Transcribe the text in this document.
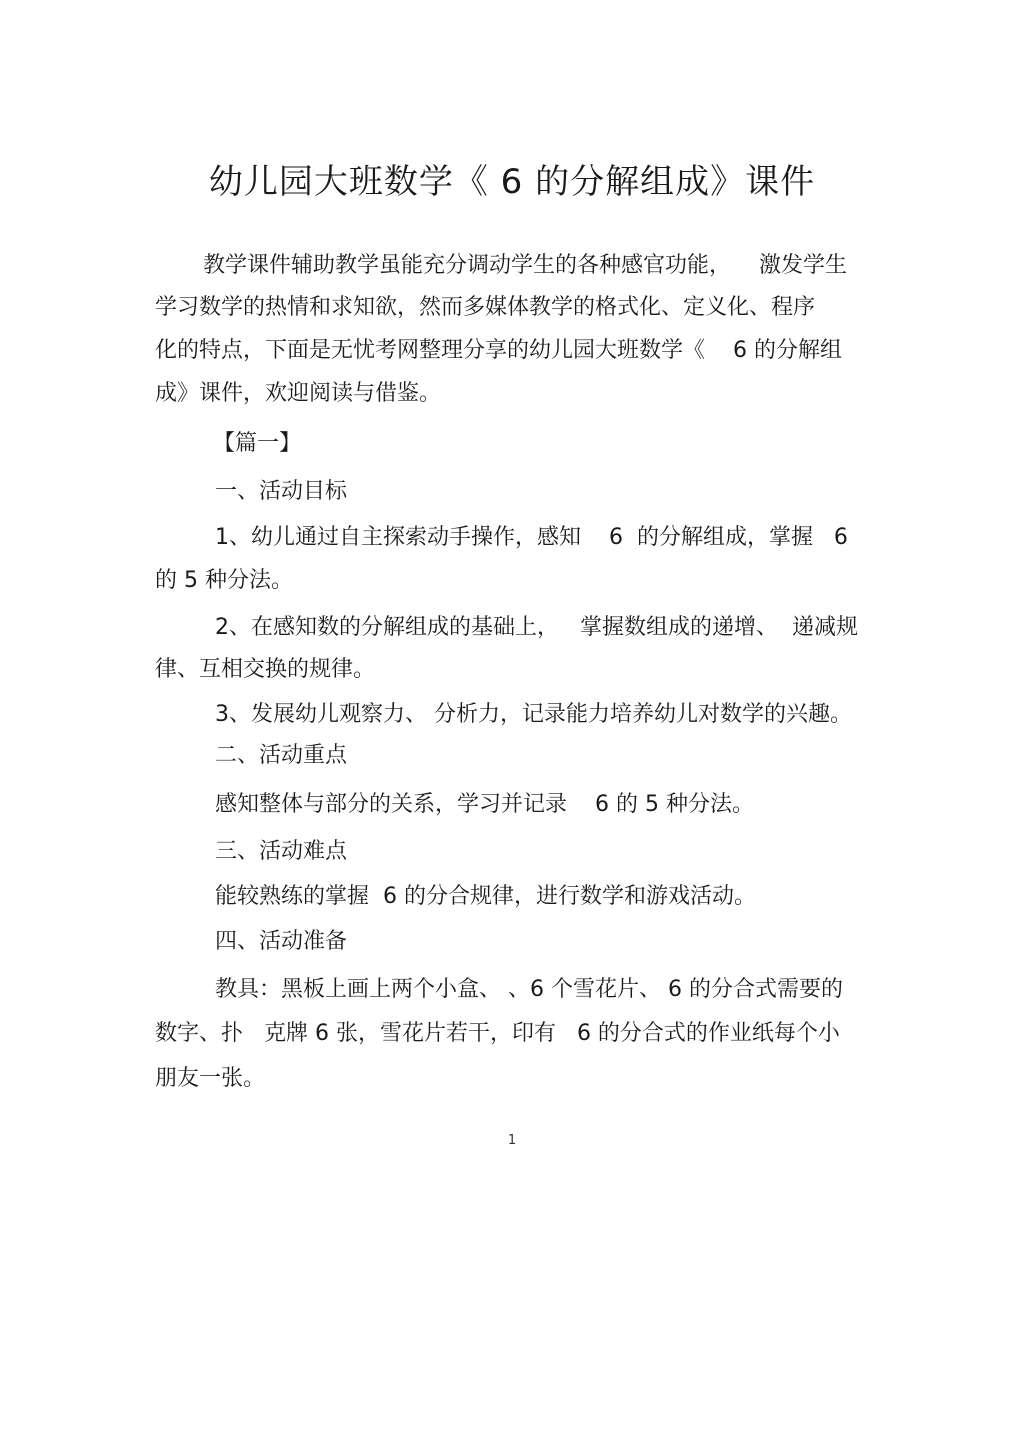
幼儿园大班数学《 6 的分解组成》课件

教学课件辅助教学虽能充分调动学生的各种感官功能，    激发学生

学习数学的热情和求知欲，然而多媒体教学的格式化、定义化、程序

化的特点，下面是无忧考网整理分享的幼儿园大班数学《    6 的分解组

成》课件，欢迎阅读与借鉴。

【篇一】

一、活动目标

1、幼儿通过自主探索动手操作，感知    6  的分解组成，掌握   6

的 5 种分法。

2、在感知数的分解组成的基础上，   掌握数组成的递增、  递减规

律、互相交换的规律。

3、发展幼儿观察力、 分析力，记录能力培养幼儿对数学的兴趣。

二、活动重点

感知整体与部分的关系，学习并记录    6 的 5 种分法。

三、活动难点

能较熟练的掌握  6 的分合规律，进行数学和游戏活动。

四、活动准备

教具：黑板上画上两个小盒、 、6 个雪花片、 6 的分合式需要的

数字、扑   克牌 6 张，雪花片若干，印有   6 的分合式的作业纸每个小

朋友一张。

1
